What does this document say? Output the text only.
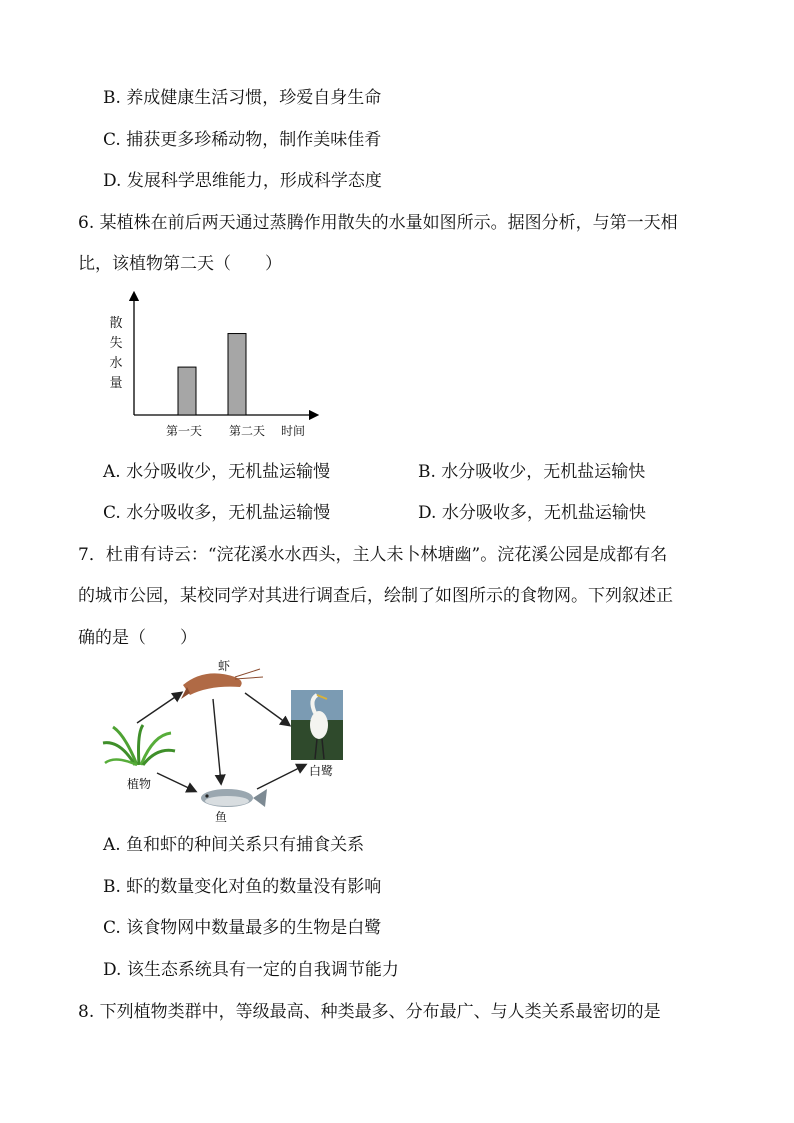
B. 养成健康生活习惯，珍爱自身生命
C. 捕获更多珍稀动物，制作美味佳肴
D. 发展科学思维能力，形成科学态度
6. 某植株在前后两天通过蒸腾作用散失的水量如图所示。据图分析，与第一天相
比，该植物第二天（　　）
散
失
水
量
第一天 第二天 时间
A. 水分吸收少，无机盐运输慢	B. 水分吸收少，无机盐运输快
C. 水分吸收多，无机盐运输慢	D. 水分吸收多，无机盐运输快
7．杜甫有诗云：“浣花溪水水西头，主人未卜林塘幽”。浣花溪公园是成都有名
的城市公园，某校同学对其进行调查后，绘制了如图所示的食物网。下列叙述正
确的是（　　）
植物
虾
鱼
白鹭
A. 鱼和虾的种间关系只有捕食关系
B. 虾的数量变化对鱼的数量没有影响
C. 该食物网中数量最多的生物是白鹭
D. 该生态系统具有一定的自我调节能力
8. 下列植物类群中，等级最高、种类最多、分布最广、与人类关系最密切的是
